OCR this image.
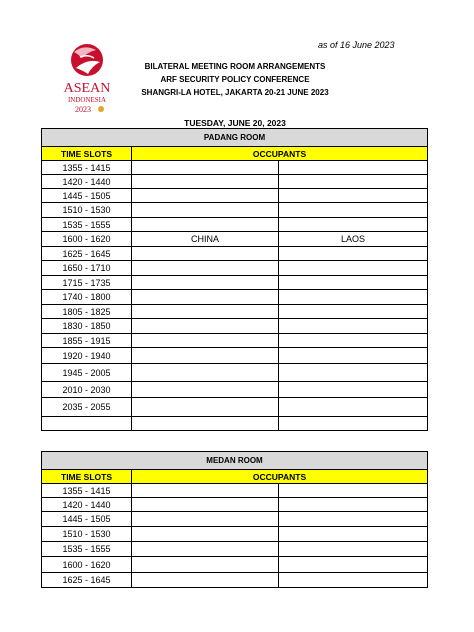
as of 16 June 2023
ASEAN
INDONESIA
2023
BILATERAL MEETING ROOM ARRANGEMENTS
ARF SECURITY POLICY CONFERENCE
SHANGRI-LA HOTEL, JAKARTA 20-21 JUNE 2023
TUESDAY, JUNE 20, 2023
PADANG ROOM		
TIME SLOTS	OCCUPANTS	
1355 - 1415		
1420 - 1440		
1445 - 1505		
1510 - 1530		
1535 - 1555		
1600 - 1620	CHINA	LAOS
1625 - 1645		
1650 - 1710		
1715 - 1735		
1740 - 1800		
1805 - 1825		
1830 - 1850		
1855 - 1915		
1920 - 1940		
1945 - 2005		
2010 - 2030		
2035 - 2055		

MEDAN ROOM		
TIME SLOTS	OCCUPANTS	
1355 - 1415		
1420 - 1440		
1445 - 1505		
1510 - 1530		
1535 - 1555		
1600 - 1620		
1625 - 1645		
